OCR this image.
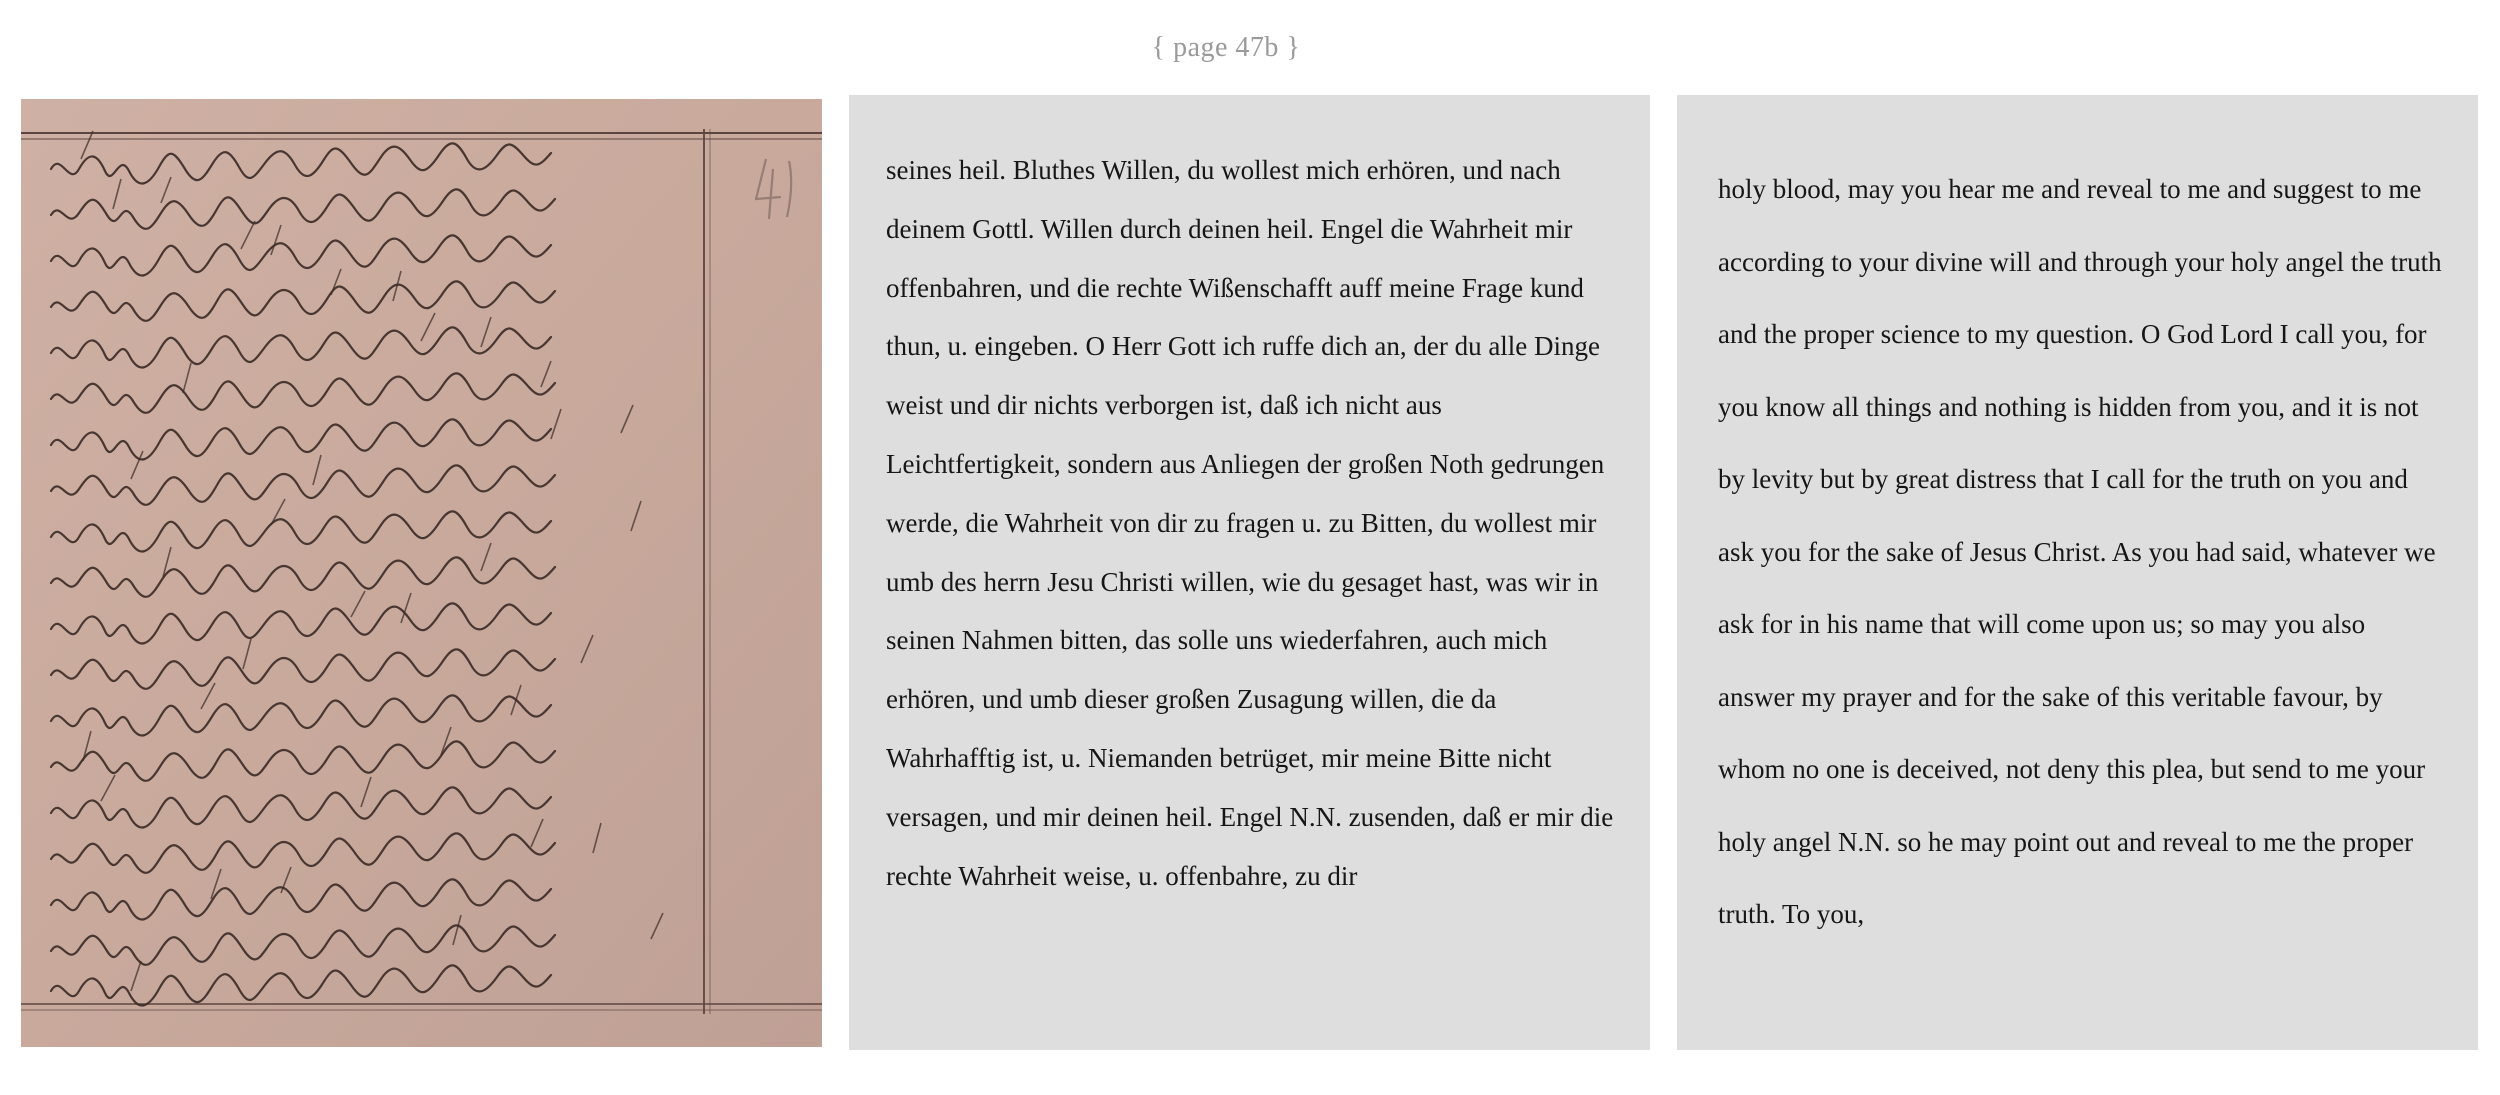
{ page 47b }

seines heil. Bluthes Willen, du wollest mich erhören, und nach deinem Gottl. Willen durch deinen heil. Engel die Wahrheit mir offenbahren, und die rechte Wißenschafft auff meine Frage kund thun, u. eingeben. O Herr Gott ich ruffe dich an, der du alle Dinge weist und dir nichts verborgen ist, daß ich nicht aus Leichtfertigkeit, sondern aus Anliegen der großen Noth gedrungen werde, die Wahrheit von dir zu fragen u. zu Bitten, du wollest mir umb des herrn Jesu Christi willen, wie du gesaget hast, was wir in seinen Nahmen bitten, das solle uns wiederfahren, auch mich erhören, und umb dieser großen Zusagung willen, die da Wahrhafftig ist, u. Niemanden betrüget, mir meine Bitte nicht versagen, und mir deinen heil. Engel N.N. zusenden, daß er mir die rechte Wahrheit weise, u. offenbahre, zu dir

holy blood, may you hear me and reveal to me and suggest to me according to your divine will and through your holy angel the truth and the proper science to my question. O God Lord I call you, for you know all things and nothing is hidden from you, and it is not by levity but by great distress that I call for the truth on you and ask you for the sake of Jesus Christ. As you had said, whatever we ask for in his name that will come upon us; so may you also answer my prayer and for the sake of this veritable favour, by whom no one is deceived, not deny this plea, but send to me your holy angel N.N. so he may point out and reveal to me the proper truth. To you,
